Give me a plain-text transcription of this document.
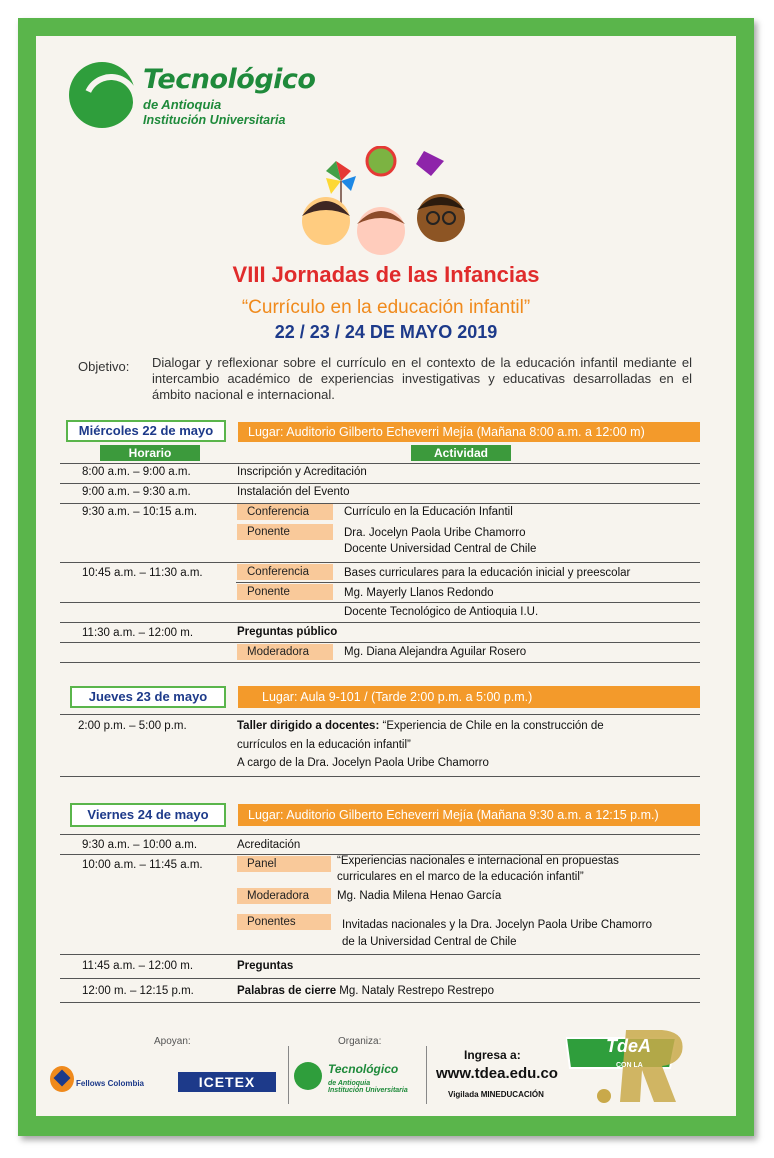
Tecnológico
de Antioquia
Institución Universitaria
VIII Jornadas de las Infancias
“Currículo en la educación infantil”
22 / 23 / 24 DE MAYO 2019
Objetivo: Dialogar y reflexionar sobre el currículo en el contexto de la educación infantil mediante el intercambio académico de experiencias investigativas y educativas desarrolladas en el ámbito nacional e internacional.
Miércoles 22 de mayo	Lugar: Auditorio Gilberto Echeverri Mejía (Mañana 8:00 a.m. a 12:00 m)
Horario	Actividad
8:00 a.m. – 9:00 a.m.	Inscripción y Acreditación
9:00 a.m. – 9:30 a.m.	Instalación del Evento
9:30 a.m. – 10:15 a.m.	Conferencia	Currículo en la Educación Infantil
Ponente	Dra. Jocelyn Paola Uribe Chamorro
Docente Universidad Central de Chile
10:45 a.m. – 11:30 a.m.	Conferencia	Bases curriculares para la educación inicial y preescolar
Ponente	Mg. Mayerly Llanos Redondo
Docente Tecnológico de Antioquia I.U.
11:30 a.m. – 12:00 m.	Preguntas público
Moderadora	Mg. Diana Alejandra Aguilar Rosero
Jueves 23 de mayo	Lugar: Aula 9-101 / (Tarde 2:00 p.m. a 5:00 p.m.)
2:00 p.m. – 5:00 p.m.	Taller dirigido a docentes: “Experiencia de Chile en la construcción de
currículos en la educación infantil”
A cargo de la Dra. Jocelyn Paola Uribe Chamorro
Viernes 24 de mayo	Lugar: Auditorio Gilberto Echeverri Mejía (Mañana 9:30 a.m. a 12:15 p.m.)
9:30 a.m. – 10:00 a.m.	Acreditación
10:00 a.m. – 11:45 a.m.	Panel	“Experiencias nacionales e internacional en propuestas
curriculares en el marco de la educación infantil”
Moderadora	Mg. Nadia Milena Henao García
Ponentes	Invitadas nacionales y la Dra. Jocelyn Paola Uribe Chamorro
de la Universidad Central de Chile
11:45 a.m. – 12:00 m.	Preguntas
12:00 m. – 12:15 p.m.	Palabras de cierre Mg. Nataly Restrepo Restrepo
Apoyan:	Organiza:
Fellows Colombia	ICETEX
Tecnológico
de Antioquia
Institución Universitaria
Ingresa a:
www.tdea.edu.co
Vigilada MINEDUCACIÓN
TdeA
CON LA
